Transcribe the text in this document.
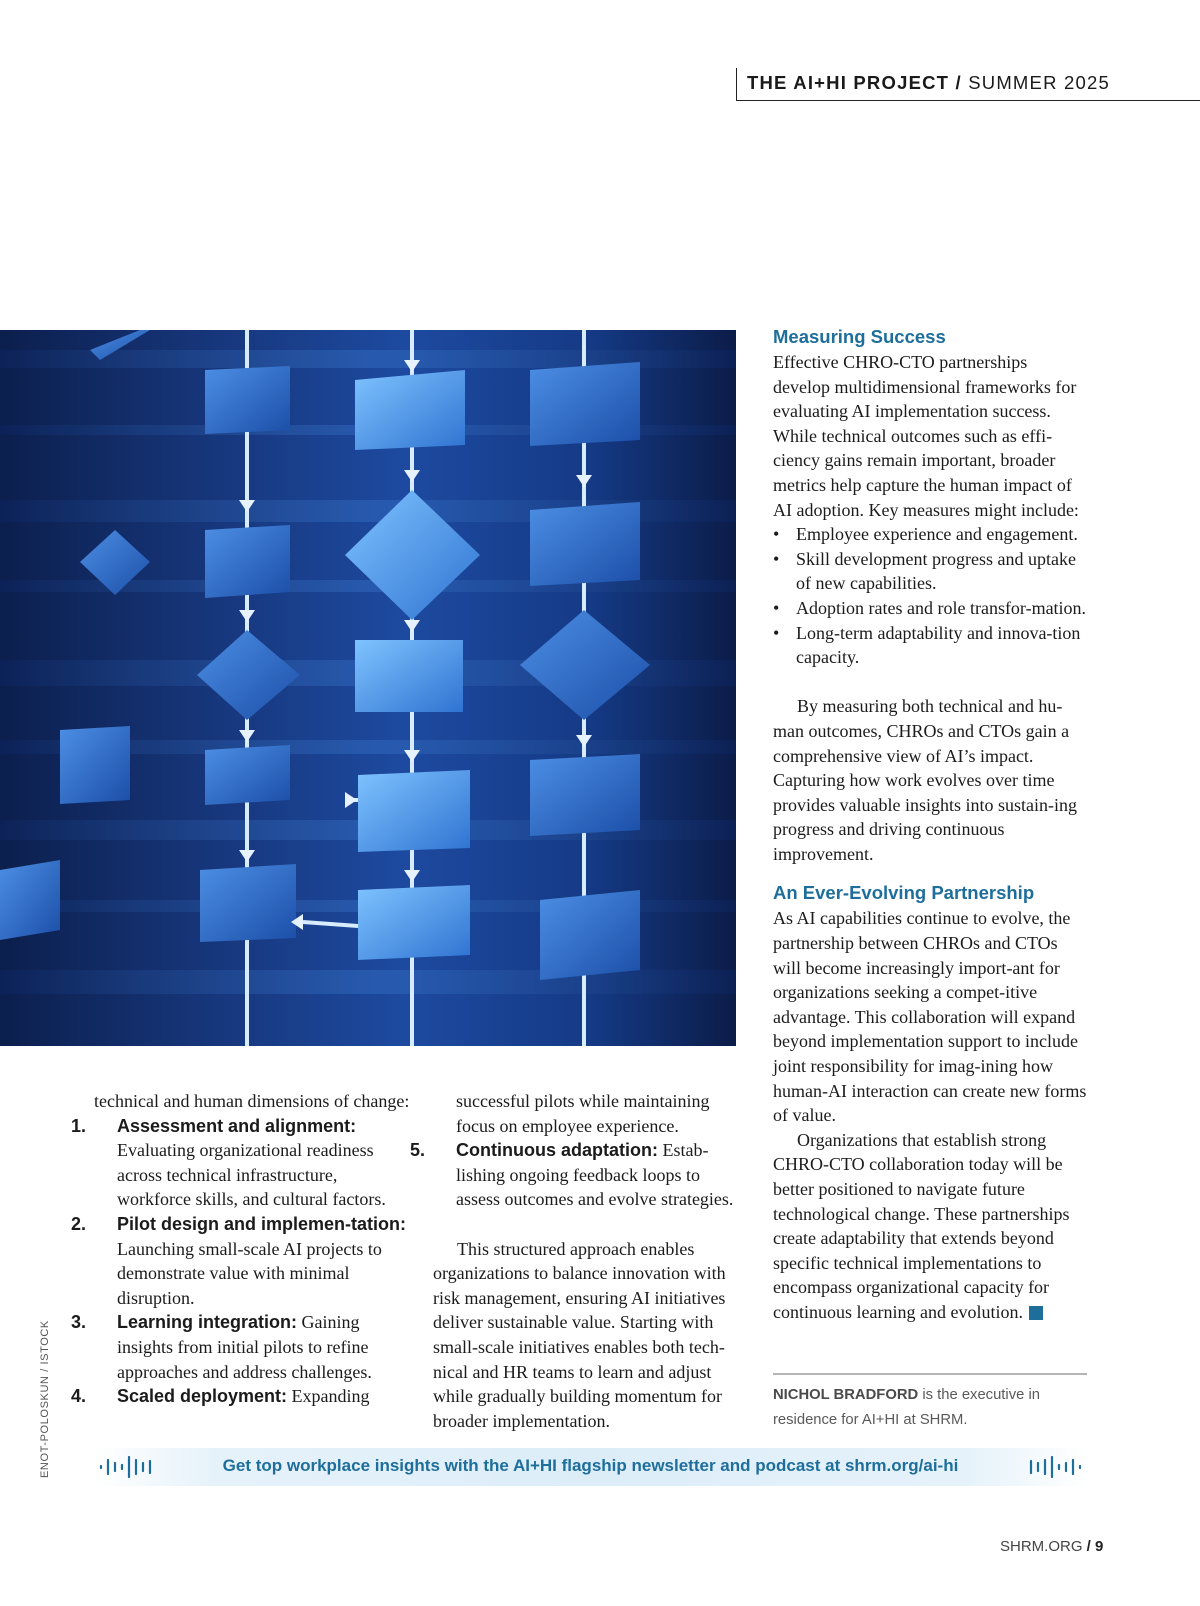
THE AI+HI PROJECT / SUMMER 2025
technical and human dimensions of change:
1. Assessment and alignment: Evaluating organizational readiness across technical infrastructure, workforce skills, and cultural factors.
2. Pilot design and implemen-tation: Launching small-scale AI projects to demonstrate value with minimal disruption.
3. Learning integration: Gaining insights from initial pilots to refine approaches and address challenges.
4. Scaled deployment: Expanding
successful pilots while maintaining focus on employee experience.
5. Continuous adaptation: Estab-lishing ongoing feedback loops to assess outcomes and evolve strategies.
This structured approach enables organizations to balance innovation with risk management, ensuring AI initiatives deliver sustainable value. Starting with small-scale initiatives enables both tech-nical and HR teams to learn and adjust while gradually building momentum for broader implementation.
Measuring Success
Effective CHRO-CTO partnerships develop multidimensional frameworks for evaluating AI implementation success. While technical outcomes such as effi-ciency gains remain important, broader metrics help capture the human impact of AI adoption. Key measures might include:
• Employee experience and engagement.
• Skill development progress and uptake of new capabilities.
• Adoption rates and role transfor-mation.
• Long-term adaptability and innova-tion capacity.
By measuring both technical and hu-man outcomes, CHROs and CTOs gain a comprehensive view of AI’s impact. Capturing how work evolves over time provides valuable insights into sustain-ing progress and driving continuous improvement.
An Ever-Evolving Partnership
As AI capabilities continue to evolve, the partnership between CHROs and CTOs will become increasingly import-ant for organizations seeking a compet-itive advantage. This collaboration will expand beyond implementation support to include joint responsibility for imag-ining how human-AI interaction can create new forms of value.
Organizations that establish strong CHRO-CTO collaboration today will be better positioned to navigate future technological change. These partnerships create adaptability that extends beyond specific technical implementations to encompass organizational capacity for continuous learning and evolution.	HR
NICHOL BRADFORD is the executive in residence for AI+HI at SHRM.
ENOT-POLOSKUN / ISTOCK	Get top workplace insights with the AI+HI flagship newsletter and podcast at shrm.org/ai-hi
SHRM.ORG / 9
